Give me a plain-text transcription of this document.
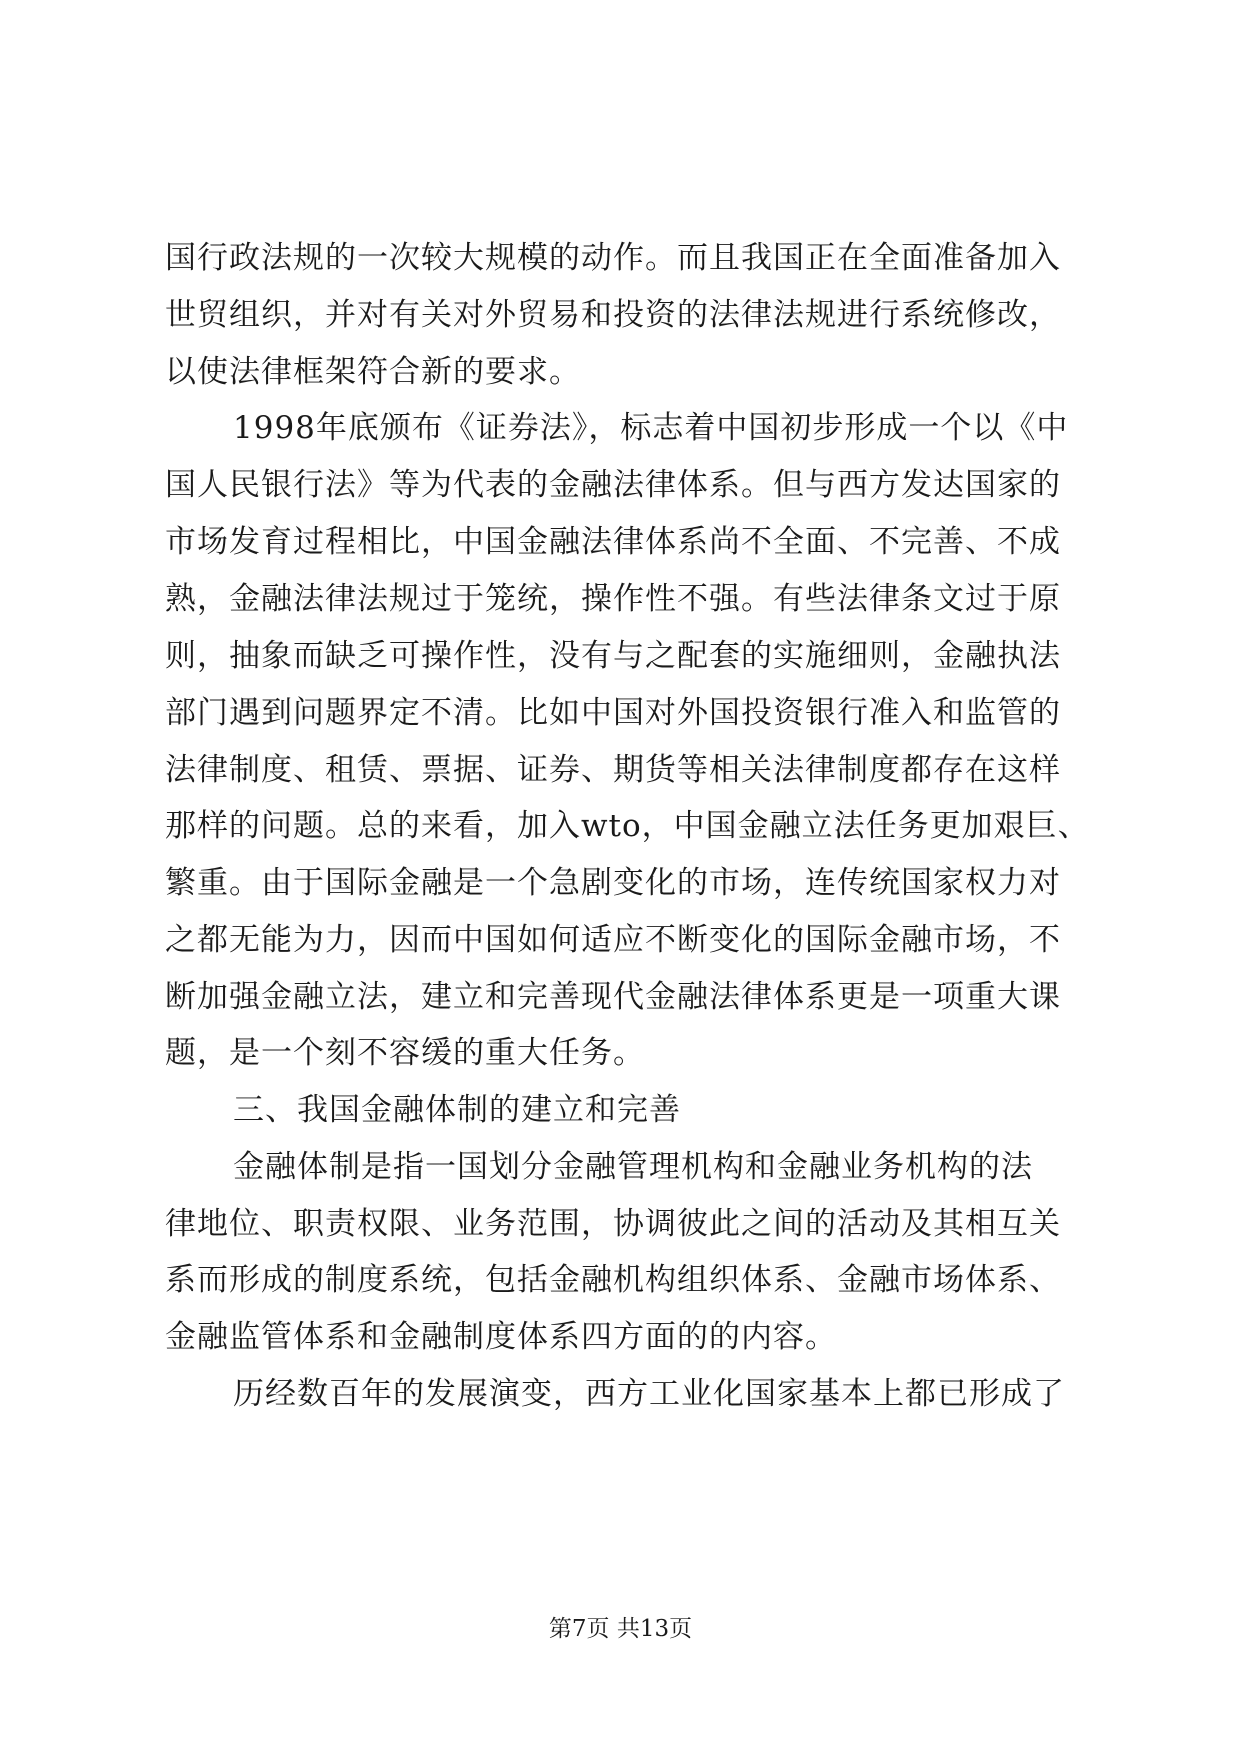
国行政法规的一次较大规模的动作。而且我国正在全面准备加入
世贸组织，并对有关对外贸易和投资的法律法规进行系统修改，
以使法律框架符合新的要求。
1998年底颁布《证券法》，标志着中国初步形成一个以《中
国人民银行法》等为代表的金融法律体系。但与西方发达国家的
市场发育过程相比，中国金融法律体系尚不全面、不完善、不成
熟，金融法律法规过于笼统，操作性不强。有些法律条文过于原
则，抽象而缺乏可操作性，没有与之配套的实施细则，金融执法
部门遇到问题界定不清。比如中国对外国投资银行准入和监管的
法律制度、租赁、票据、证券、期货等相关法律制度都存在这样
那样的问题。总的来看，加入wto，中国金融立法任务更加艰巨、
繁重。由于国际金融是一个急剧变化的市场，连传统国家权力对
之都无能为力，因而中国如何适应不断变化的国际金融市场，不
断加强金融立法，建立和完善现代金融法律体系更是一项重大课
题，是一个刻不容缓的重大任务。
三、我国金融体制的建立和完善
金融体制是指一国划分金融管理机构和金融业务机构的法
律地位、职责权限、业务范围，协调彼此之间的活动及其相互关
系而形成的制度系统，包括金融机构组织体系、金融市场体系、
金融监管体系和金融制度体系四方面的的内容。
历经数百年的发展演变，西方工业化国家基本上都已形成了
第7页 共13页
